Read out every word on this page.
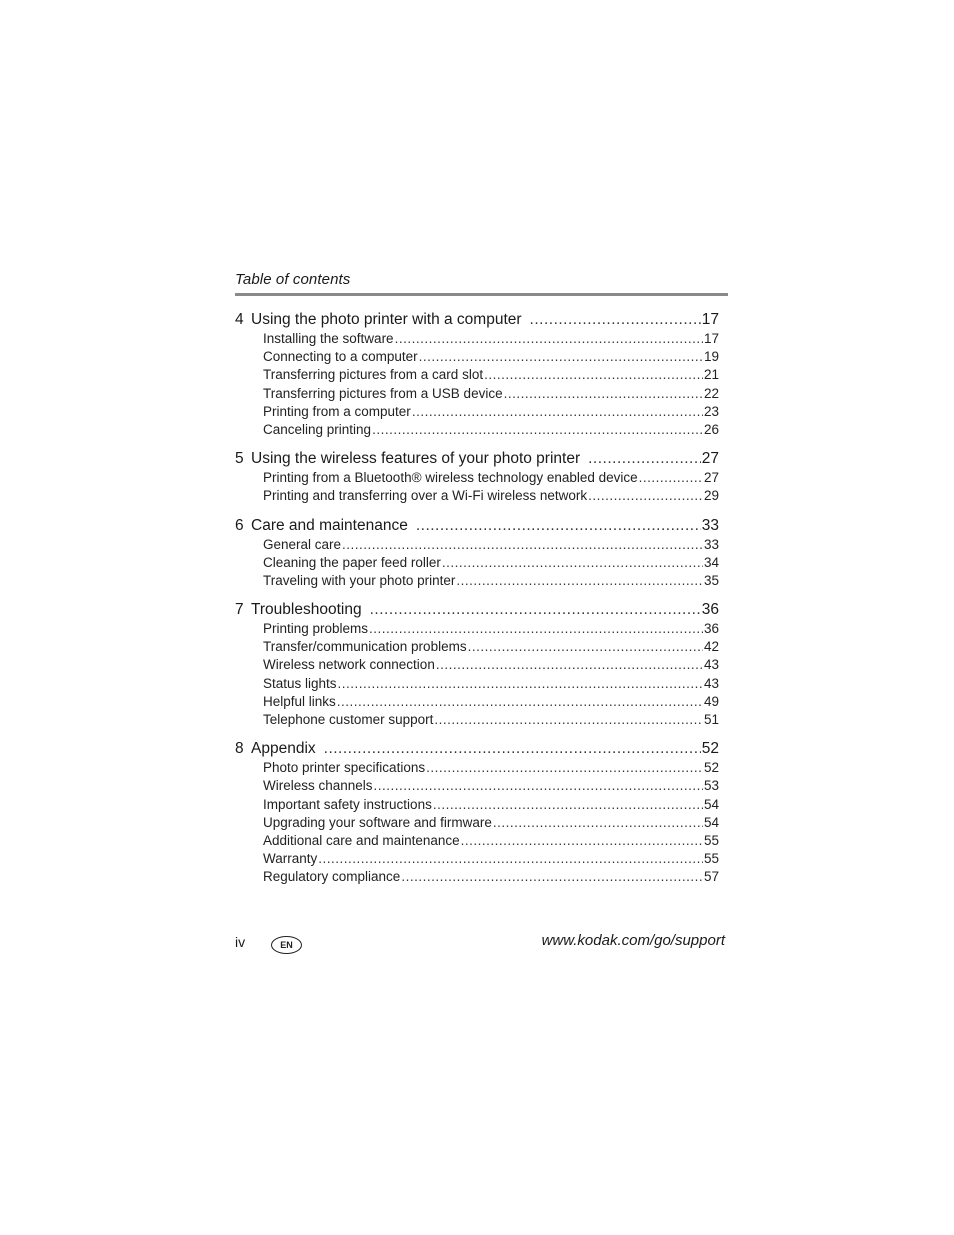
Table of contents
4 Using the photo printer with a computer .....	17
Installing the software .....	17
Connecting to a computer .....	19
Transferring pictures from a card slot .....	21
Transferring pictures from a USB device .....	22
Printing from a computer .....	23
Canceling printing .....	26
5 Using the wireless features of your photo printer .....	27
Printing from a Bluetooth® wireless technology enabled device .....	27
Printing and transferring over a Wi-Fi wireless network .....	29
6 Care and maintenance .....	33
General care .....	33
Cleaning the paper feed roller .....	34
Traveling with your photo printer .....	35
7 Troubleshooting .....	36
Printing problems .....	36
Transfer/communication problems .....	42
Wireless network connection .....	43
Status lights .....	43
Helpful links .....	49
Telephone customer support .....	51
8 Appendix .....	52
Photo printer specifications .....	52
Wireless channels .....	53
Important safety instructions .....	54
Upgrading your software and firmware .....	54
Additional care and maintenance .....	55
Warranty .....	55
Regulatory compliance .....	57
iv	EN	www.kodak.com/go/support
